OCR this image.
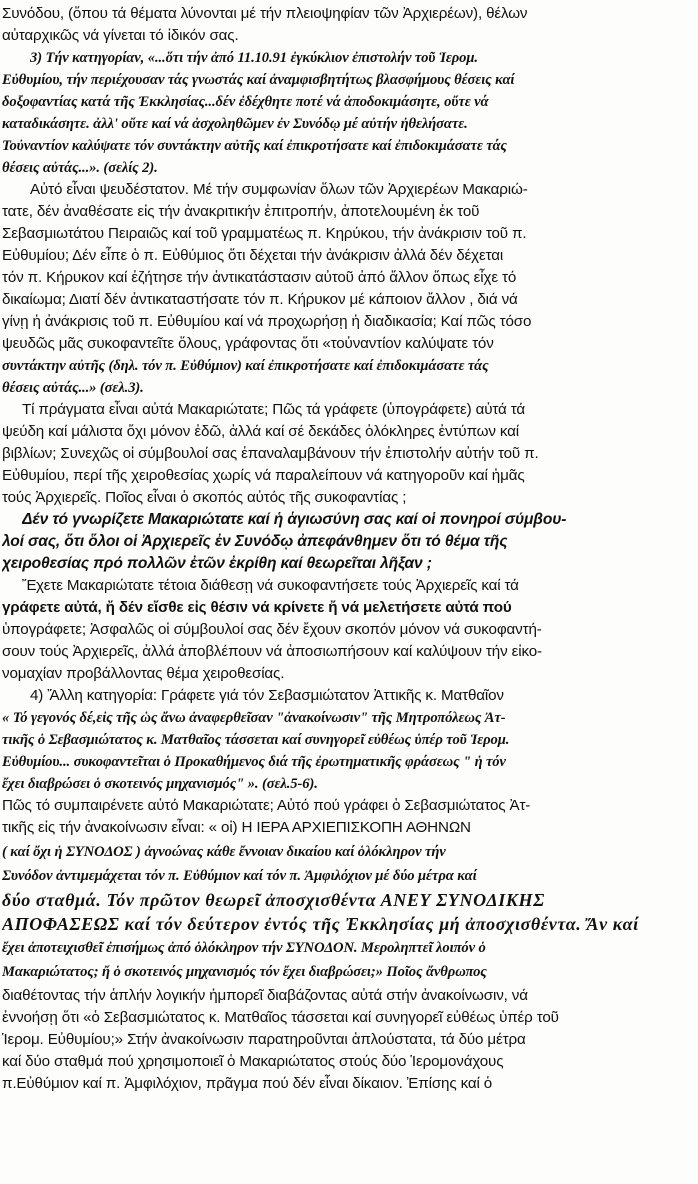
Συνόδου, (ὅπου τά θέματα λύνονται μέ τήν πλειοψηφίαν τῶν Ἀρχιερέων), θέλων
αὐταρχικῶς νά γίνεται τό ἰδικόν σας.
3) Τήν κατηγορίαν, «...ὅτι τήν ἀπό 11.10.91 ἐγκύκλιον ἐπιστολήν τοῦ Ἱερομ.
Εὐθυμίου, τήν περιέχουσαν τάς γνωστάς καί ἀναμφισβητήτως βλασφήμους θέσεις καί
δοξοφαντίας κατά τῆς Ἐκκλησίας...δέν ἐδέχθητε ποτέ νά ἀποδοκιμάσητε, οὔτε νά
καταδικάσητε. ἀλλ' οὔτε καί νά ἀσχοληθῶμεν ἐν Συνόδῳ μέ αὐτήν ἠθελήσατε.
Τοὐναντίον καλύψατε τόν συντάκτην αὐτῆς καί ἐπικροτήσατε καί ἐπιδοκιμάσατε τάς
θέσεις αὐτάς...». (σελίς 2).
Αὐτό εἶναι ψευδέστατον. Μέ τήν συμφωνίαν ὅλων τῶν Ἀρχιερέων Μακαριώ-
τατε, δέν ἀναθέσατε εἰς τήν ἀνακριτικήν ἐπιτροπήν, ἀποτελουμένη ἐκ τοῦ
Σεβασμιωτάτου Πειραιῶς καί τοῦ γραμματέως π. Κηρύκου, τήν ἀνάκρισιν τοῦ π.
Εὐθυμίου; Δέν εἶπε ὁ π. Εὐθύμιος ὅτι δέχεται τήν ἀνάκρισιν ἀλλά δέν δέχεται
τόν π. Κήρυκον καί ἐζήτησε τήν ἀντικατάστασιν αὐτοῦ ἀπό ἄλλον ὅπως εἶχε τό
δικαίωμα; Διατί δέν ἀντικαταστήσατε τόν π. Κήρυκον μέ κάποιον ἄλλον , διά νά
γίνῃ ἡ ἀνάκρισις τοῦ π. Εὐθυμίου καί νά προχωρήσῃ ἡ διαδικασία; Καί πῶς τόσο
ψευδῶς μᾶς συκοφαντεῖτε ὅλους, γράφοντας ὅτι «τοὐναντίον καλύψατε τόν
συντάκτην αὐτῆς (δηλ. τόν π. Εὐθύμιον) καί ἐπικροτήσατε καί ἐπιδοκιμάσατε τάς
θέσεις αὐτάς...» (σελ.3).
Τί πράγματα εἶναι αὐτά Μακαριώτατε; Πῶς τά γράφετε (ὑπογράφετε) αὐτά τά
ψεύδη καί μάλιστα ὄχι μόνον ἐδῶ, ἀλλά καί σέ δεκάδες ὁλόκληρες ἐντύπων καί
βιβλίων; Συνεχῶς οἱ σύμβουλοί σας ἐπαναλαμβάνουν τήν ἐπιστολήν αὐτήν τοῦ π.
Εὐθυμίου, περί τῆς χειροθεσίας χωρίς νά παραλείπουν νά κατηγοροῦν καί ἡμᾶς
τούς Ἀρχιερεῖς. Ποῖος εἶναι ὁ σκοπός αὐτός τῆς συκοφαντίας ;
Δέν τό γνωρίζετε Μακαριώτατε καί ἡ ἁγιωσύνη σας καί οἱ πονηροί σύμβου-
λοί σας, ὅτι ὅλοι οἱ Ἀρχιερεῖς ἐν Συνόδῳ ἀπεφάνθημεν ὅτι τό θέμα τῆς
χειροθεσίας πρό πολλῶν ἐτῶν ἐκρίθη καί θεωρεῖται λῆξαν ;
Ἔχετε Μακαριώτατε τέτοια διάθεσῃ νά συκοφαντήσετε τούς Ἀρχιερεῖς καί τά
γράφετε αὐτά, ἤ δέν εἴσθε εἰς θέσιν νά κρίνετε ἤ νά μελετήσετε αὐτά πού
ὑπογράφετε; Ἀσφαλῶς οἱ σύμβουλοί σας δέν ἔχουν σκοπόν μόνον νά συκοφαντή-
σουν τούς Ἀρχιερεῖς, ἀλλά ἀποβλέπουν νά ἀποσιωπήσουν καί καλύψουν τήν εἰκο-
νομαχίαν προβάλλοντας θέμα χειροθεσίας.
4) Ἄλλη κατηγορία: Γράφετε γιά τόν Σεβασμιώτατον Ἀττικῆς κ. Ματθαῖον
« Τό γεγονός δέ,εἰς τῆς ὡς ἄνω ἀναφερθεῖσαν "ἀνακοίνωσιν" τῆς Μητροπόλεως Ἀτ-
τικῆς ὁ Σεβασμιώτατος κ. Ματθαῖος τάσσεται καί συνηγορεῖ εὐθέως ὑπέρ τοῦ Ἱερομ.
Εὐθυμίου... συκοφαντεῖται ὁ Προκαθήμενος διά τῆς ἐρωτηματικῆς φράσεως " ἡ τόν
ἔχει διαβρώσει ὁ σκοτεινός μηχανισμός" ». (σελ.5-6).
Πῶς τό συμπαιρένετε αὐτό Μακαριώτατε; Αὐτό πού γράφει ὁ Σεβασμιώτατος Ἀτ-
τικῆς εἰς τήν ἀνακοίνωσιν εἶναι: « οἱ) Η ΙΕΡΑ ΑΡΧΙΕΠΙΣΚΟΠΗ ΑΘΗΝΩΝ
( καί ὄχι ἡ ΣΥΝΟΔΟΣ ) ἀγνοώνας κάθε ἔννοιαν δικαίου καί ὁλόκληρον τήν
Συνόδον ἀντιμεμάχεται τόν π. Εὐθύμιον καί τόν π. Ἀμφιλόχιον μέ δύο μέτρα καί
δύο σταθμά. Τόν πρῶτον θεωρεῖ ἀποσχισθέντα ΑΝΕΥ ΣΥΝΟΔΙΚΗΣ
ΑΠΟΦΑΣΕΩΣ καί τόν δεύτερον ἐντός τῆς Ἐκκλησίας μή ἀποσχισθέντα. Ἄν καί
ἔχει ἀποτειχισθεῖ ἐπισήμως ἀπό ὁλόκληρον τήν ΣΥΝΟΔΟΝ. Μεροληπτεῖ λοιπόν ὁ
Μακαριώτατος; ἤ ὁ σκοτεινός μηχανισμός τόν ἔχει διαβρώσει;» Ποῖος ἄνθρωπος
διαθέτοντας τήν ἁπλήν λογικήν ἠμπορεῖ διαβάζοντας αὐτά στήν ἀνακοίνωσιν, νά
ἐννοήσῃ ὅτι «ὁ Σεβασμιώτατος κ. Ματθαῖος τάσσεται καί συνηγορεῖ εὐθέως ὑπέρ τοῦ
Ἱερομ. Εὐθυμίου;» Στήν ἀνακοίνωσιν παρατηροῦνται ἁπλούστατα, τά δύο μέτρα
καί δύο σταθμά πού χρησιμοποιεῖ ὁ Μακαριώτατος στούς δύο Ἱερομονάχους
π.Εὐθύμιον καί π. Ἀμφιλόχιον, πρᾶγμα πού δέν εἶναι δίκαιον. Ἐπίσης καί ὁ
